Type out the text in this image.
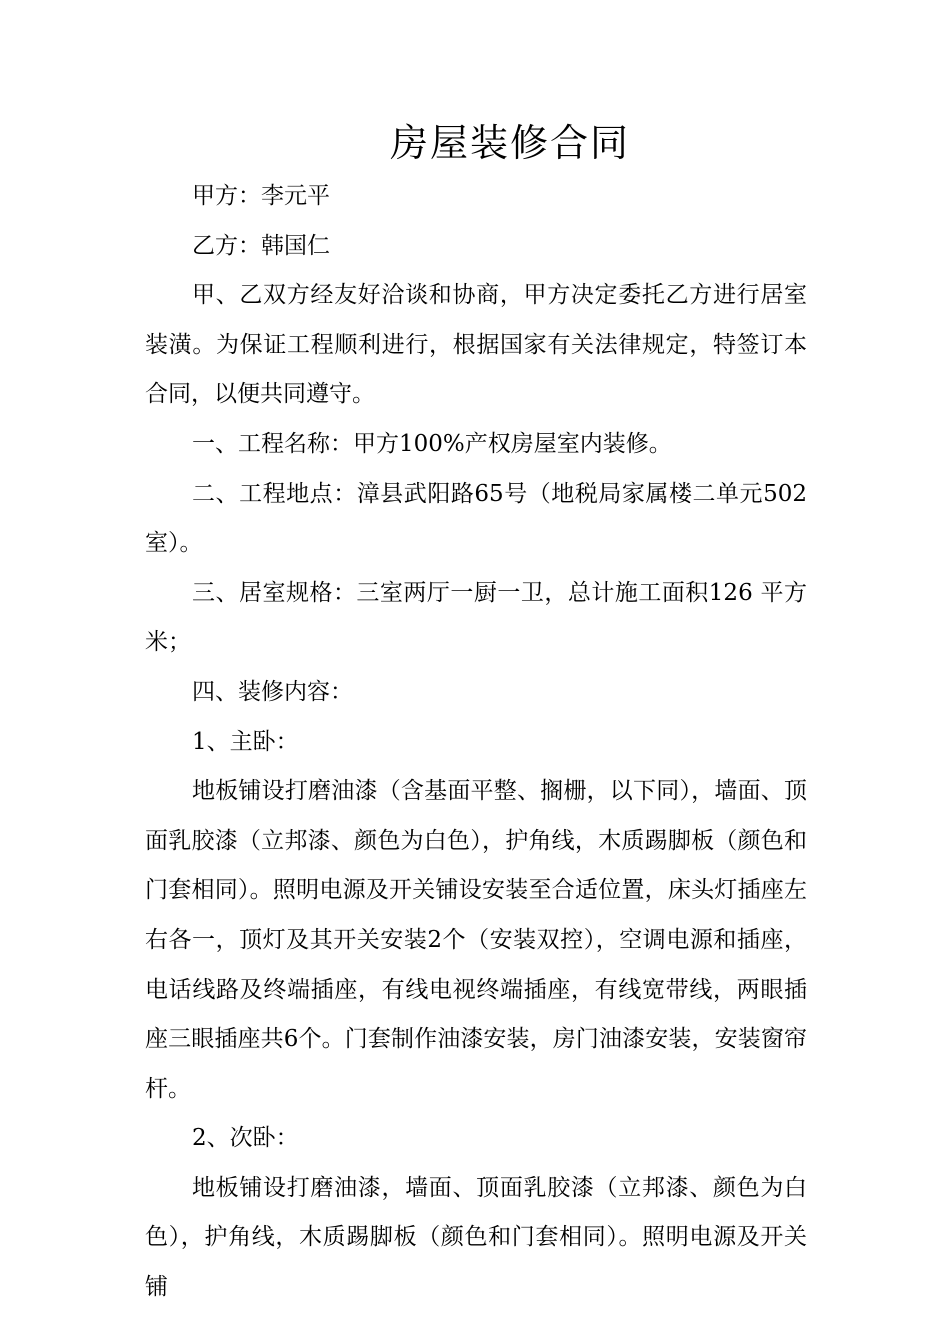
房屋装修合同

甲方：李元平

乙方：韩国仁

甲、乙双方经友好洽谈和协商，甲方决定委托乙方进行居室装潢。为保证工程顺利进行，根据国家有关法律规定，特签订本合同，以便共同遵守。

一、工程名称：甲方100%产权房屋室内装修。

二、工程地点：漳县武阳路65号（地税局家属楼二单元502室）。

三、居室规格：三室两厅一厨一卫，总计施工面积126 平方米；

四、装修内容：

1、主卧：

地板铺设打磨油漆（含基面平整、搁栅，以下同），墙面、顶面乳胶漆（立邦漆、颜色为白色），护角线，木质踢脚板（颜色和门套相同）。照明电源及开关铺设安装至合适位置，床头灯插座左右各一，顶灯及其开关安装2个（安装双控），空调电源和插座，电话线路及终端插座，有线电视终端插座，有线宽带线，两眼插座三眼插座共6个。门套制作油漆安装，房门油漆安装，安装窗帘杆。

2、次卧：

地板铺设打磨油漆，墙面、顶面乳胶漆（立邦漆、颜色为白色），护角线，木质踢脚板（颜色和门套相同）。照明电源及开关铺
